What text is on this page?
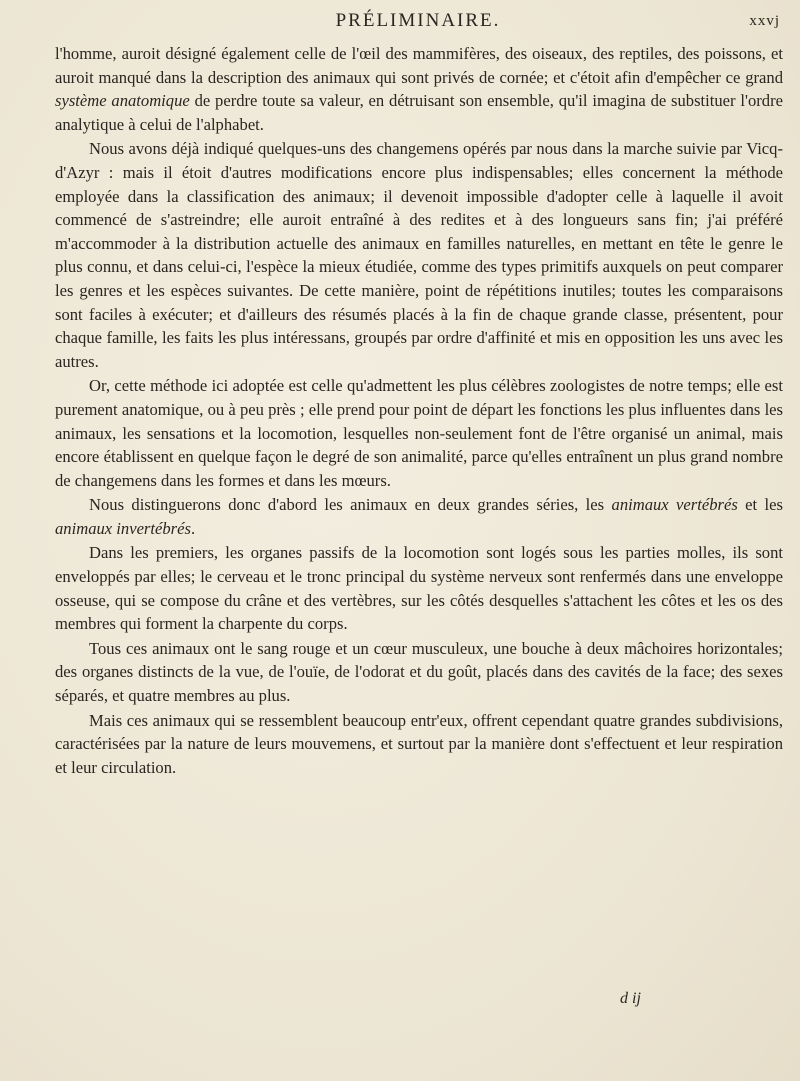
PRÉLIMINAIRE.	xxvj

l'homme, auroit désigné également celle de l'œil des mammifères, des oiseaux, des reptiles, des poissons, et auroit manqué dans la description des animaux qui sont privés de cornée; et c'étoit afin d'empêcher ce grand système anatomique de perdre toute sa valeur, en détruisant son ensemble, qu'il imagina de substituer l'ordre analytique à celui de l'alphabet.

Nous avons déjà indiqué quelques-uns des changemens opérés par nous dans la marche suivie par Vicq-d'Azyr : mais il étoit d'autres modifications encore plus indispensables; elles concernent la méthode employée dans la classification des animaux; il devenoit impossible d'adopter celle à laquelle il avoit commencé de s'astreindre; elle auroit entraîné à des redites et à des longueurs sans fin; j'ai préféré m'accommoder à la distribution actuelle des animaux en familles naturelles, en mettant en tête le genre le plus connu, et dans celui-ci, l'espèce la mieux étudiée, comme des types primitifs auxquels on peut comparer les genres et les espèces suivantes. De cette manière, point de répétitions inutiles; toutes les comparaisons sont faciles à exécuter; et d'ailleurs des résumés placés à la fin de chaque grande classe, présentent, pour chaque famille, les faits les plus intéressans, groupés par ordre d'affinité et mis en opposition les uns avec les autres.

Or, cette méthode ici adoptée est celle qu'admettent les plus célèbres zoologistes de notre temps; elle est purement anatomique, ou à peu près ; elle prend pour point de départ les fonctions les plus influentes dans les animaux, les sensations et la locomotion, lesquelles non-seulement font de l'être organisé un animal, mais encore établissent en quelque façon le degré de son animalité, parce qu'elles entraînent un plus grand nombre de changemens dans les formes et dans les mœurs.

Nous distinguerons donc d'abord les animaux en deux grandes séries, les animaux vertébrés et les animaux invertébrés.

Dans les premiers, les organes passifs de la locomotion sont logés sous les parties molles, ils sont enveloppés par elles; le cerveau et le tronc principal du système nerveux sont renfermés dans une enveloppe osseuse, qui se compose du crâne et des vertèbres, sur les côtés desquelles s'attachent les côtes et les os des membres qui forment la charpente du corps.

Tous ces animaux ont le sang rouge et un cœur musculeux, une bouche à deux mâchoires horizontales; des organes distincts de la vue, de l'ouïe, de l'odorat et du goût, placés dans des cavités de la face; des sexes séparés, et quatre membres au plus.

Mais ces animaux qui se ressemblent beaucoup entr'eux, offrent cependant quatre grandes subdivisions, caractérisées par la nature de leurs mouvemens, et surtout par la manière dont s'effectuent et leur respiration et leur circulation.

d ij
